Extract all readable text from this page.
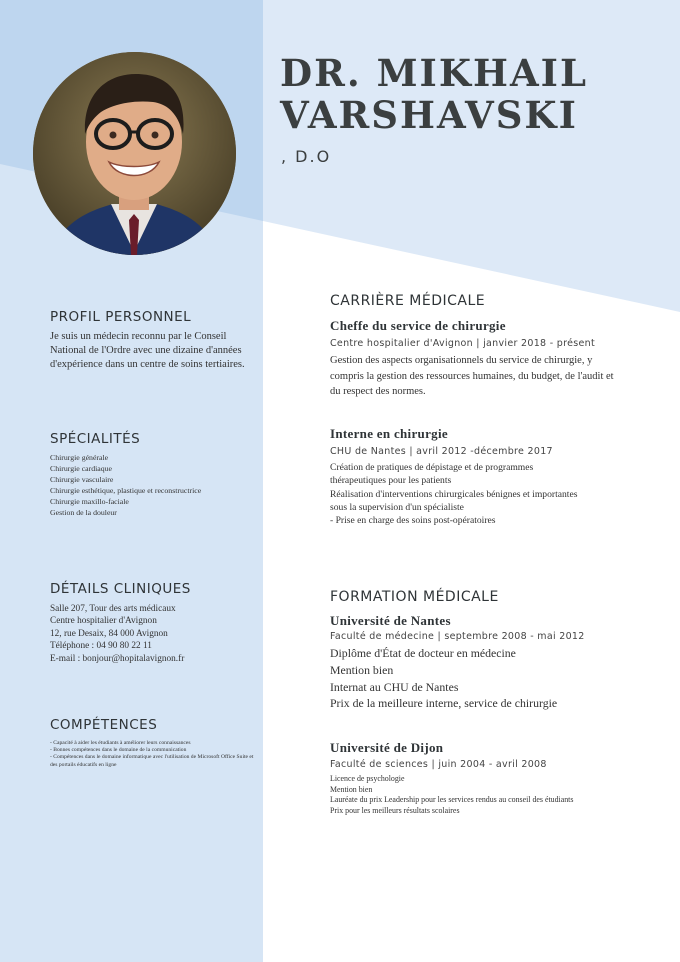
DR. MIKHAIL VARSHAVSKI
, D.O
PROFIL PERSONNEL

Je suis un médecin reconnu par le Conseil National de l'Ordre avec une dizaine d'années d'expérience dans un centre de soins tertiaires.

SPÉCIALITÉS
Chirurgie générale
Chirurgie cardiaque
Chirurgie vasculaire
Chirurgie esthétique, plastique et reconstructrice
Chirurgie maxillo-faciale
Gestion de la douleur
DÉTAILS CLINIQUES
Salle 207, Tour des arts médicaux
Centre hospitalier d'Avignon
12, rue Desaix, 84 000 Avignon
Téléphone : 04 90 80 22 11
E-mail : bonjour@hopitalavignon.fr
COMPÉTENCES
- Capacité à aider les étudiants à améliorer leurs connaissances
- Bonnes compétences dans le domaine de la communication
- Compétences dans le domaine informatique avec l'utilisation de Microsoft Office Suite et des portails éducatifs en ligne
CARRIÈRE MÉDICALE
Cheffe du service de chirurgie
Centre hospitalier d'Avignon | janvier 2018 - présent

Gestion des aspects organisationnels du service de chirurgie, y compris la gestion des ressources humaines, du budget, de l'audit et du respect des normes.

Interne en chirurgie
CHU de Nantes | avril 2012 -décembre 2017
Création de pratiques de dépistage et de programmes thérapeutiques pour les patients
Réalisation d'interventions chirurgicales bénignes et importantes sous la supervision d'un spécialiste
- Prise en charge des soins post-opératoires
FORMATION MÉDICALE
Université de Nantes
Faculté de médecine | septembre 2008 - mai 2012
Diplôme d'État de docteur en médecine
Mention bien
Internat au CHU de Nantes
Prix de la meilleure interne, service de chirurgie
Université de Dijon
Faculté de sciences | juin 2004 - avril 2008
Licence de psychologie
Mention bien
Lauréate du prix Leadership pour les services rendus au conseil des étudiants
Prix pour les meilleurs résultats scolaires
